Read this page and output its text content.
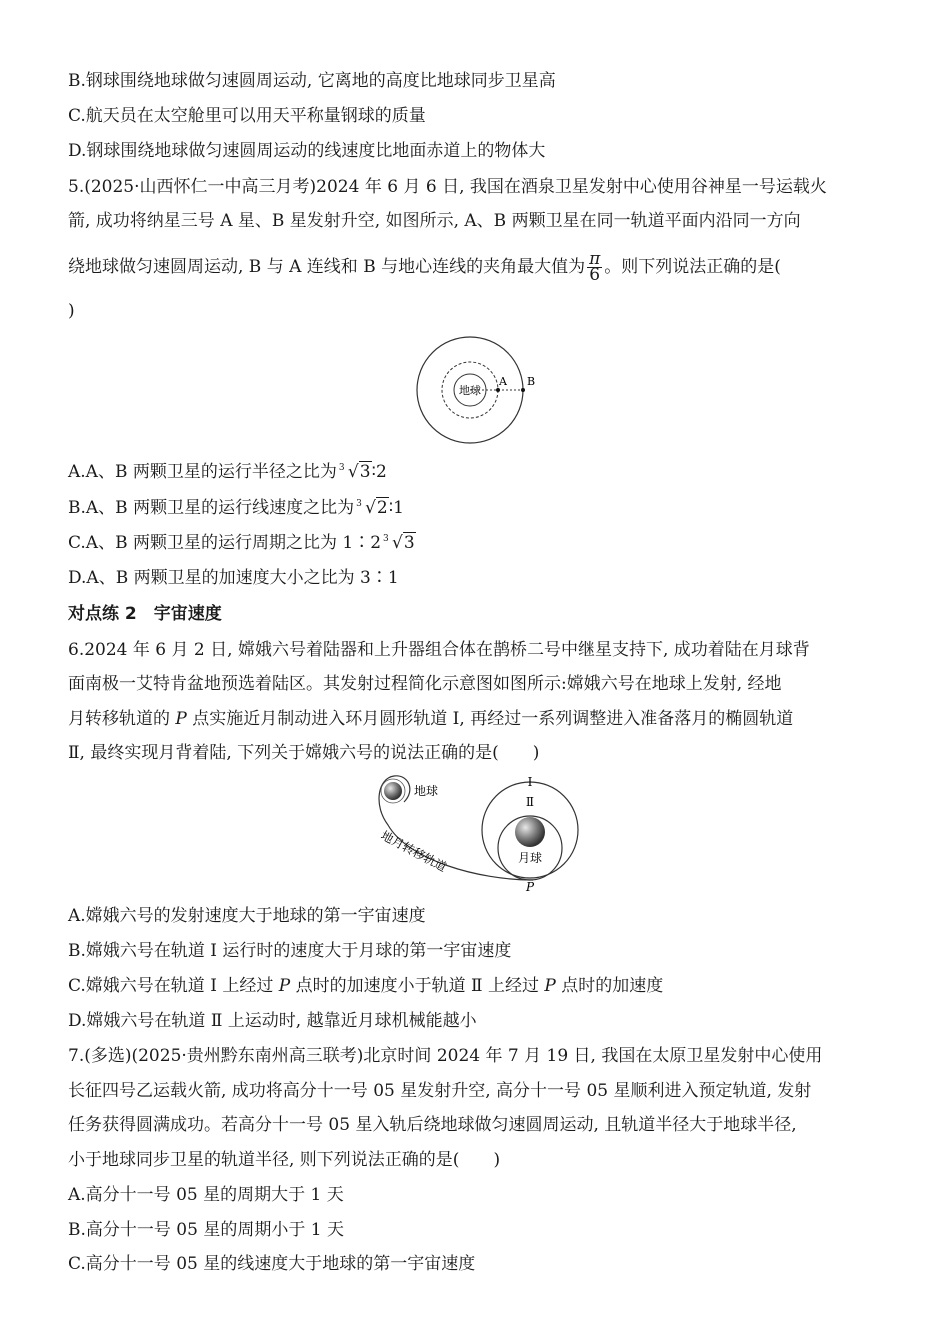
B.钢球围绕地球做匀速圆周运动, 它离地的高度比地球同步卫星高
C.航天员在太空舱里可以用天平称量钢球的质量
D.钢球围绕地球做匀速圆周运动的线速度比地面赤道上的物体大
5.(2025·山西怀仁一中高三月考)2024 年 6 月 6 日, 我国在酒泉卫星发射中心使用谷神星一号运载火
箭, 成功将纳星三号 A 星、B 星发射升空, 如图所示, A、B 两颗卫星在同一轨道平面内沿同一方向
绕地球做匀速圆周运动, B 与 A 连线和 B 与地心连线的夹角最大值为 $\frac{\pi}{6}$ 。则下列说法正确的是(
)
地球
A B
A.A、B 两颗卫星的运行半径之比为 3 √3∶2
B.A、B 两颗卫星的运行线速度之比为 3 √2∶1
C.A、B 两颗卫星的运行周期之比为 1∶2 3 √3
D.A、B 两颗卫星的加速度大小之比为 3∶1
对点练 2　宇宙速度
6.2024 年 6 月 2 日, 嫦娥六号着陆器和上升器组合体在鹊桥二号中继星支持下, 成功着陆在月球背
面南极一艾特肯盆地预选着陆区。其发射过程简化示意图如图所示:嫦娥六号在地球上发射, 经地
月转移轨道的 P 点实施近月制动进入环月圆形轨道 Ⅰ, 再经过一系列调整进入准备落月的椭圆轨道
Ⅱ, 最终实现月背着陆, 下列关于嫦娥六号的说法正确的是(　　)
地球
月球
Ⅰ
Ⅱ
P
地月转移轨道
A.嫦娥六号的发射速度大于地球的第一宇宙速度
B.嫦娥六号在轨道 Ⅰ 运行时的速度大于月球的第一宇宙速度
C.嫦娥六号在轨道 Ⅰ 上经过 P 点时的加速度小于轨道 Ⅱ 上经过 P 点时的加速度
D.嫦娥六号在轨道 Ⅱ 上运动时, 越靠近月球机械能越小
7.(多选)(2025·贵州黔东南州高三联考)北京时间 2024 年 7 月 19 日, 我国在太原卫星发射中心使用
长征四号乙运载火箭, 成功将高分十一号 05 星发射升空, 高分十一号 05 星顺利进入预定轨道, 发射
任务获得圆满成功。若高分十一号 05 星入轨后绕地球做匀速圆周运动, 且轨道半径大于地球半径,
小于地球同步卫星的轨道半径, 则下列说法正确的是(　　)
A.高分十一号 05 星的周期大于 1 天
B.高分十一号 05 星的周期小于 1 天
C.高分十一号 05 星的线速度大于地球的第一宇宙速度
